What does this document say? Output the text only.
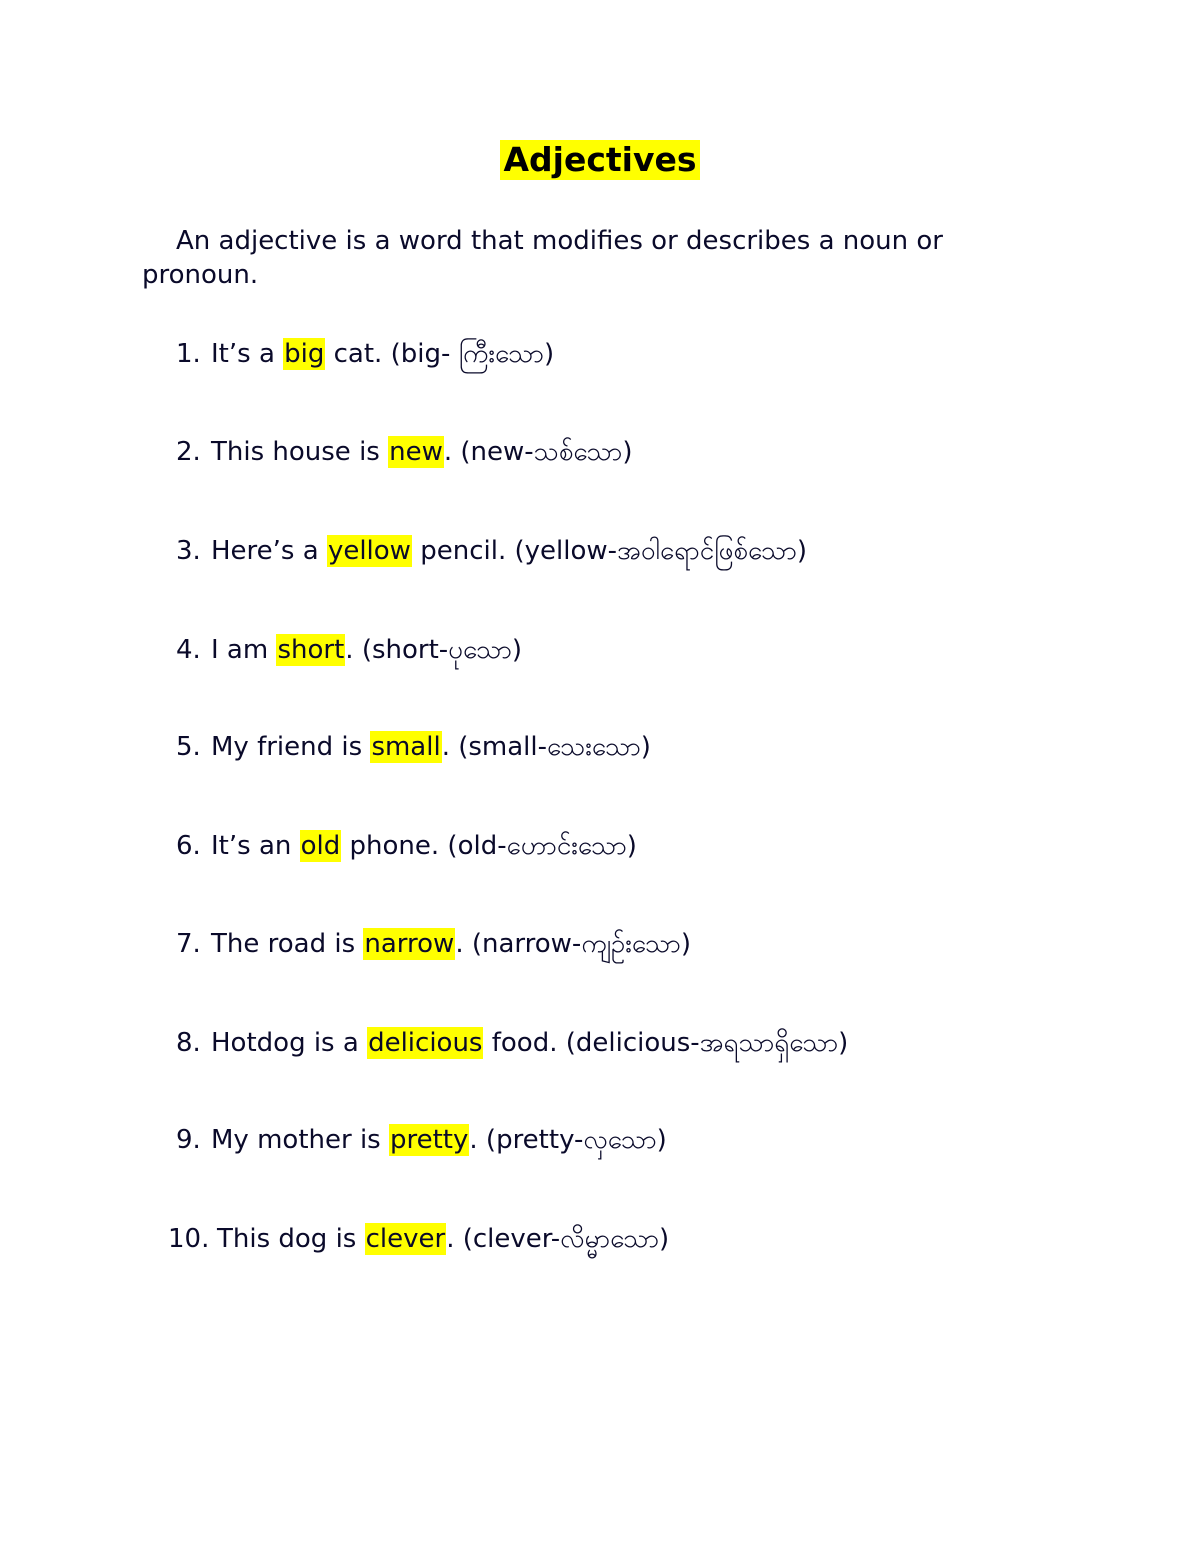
Adjectives
An adjective is a word that modifies or describes a noun or pronoun.
1. It’s a big cat. (big- ကြီးသော)
2. This house is new. (new-သစ်သော)
3. Here’s a yellow pencil. (yellow-အဝါရောင်ဖြစ်သော)
4. I am short. (short-ပုသော)
5. My friend is small. (small-သေးသော)
6. It’s an old phone. (old-ဟောင်းသော)
7. The road is narrow. (narrow-ကျဉ်းသော)
8. Hotdog is a delicious food. (delicious-အရသာရှိသော)
9. My mother is pretty. (pretty-လှသော)
10. This dog is clever. (clever-လိမ္မာသော)
